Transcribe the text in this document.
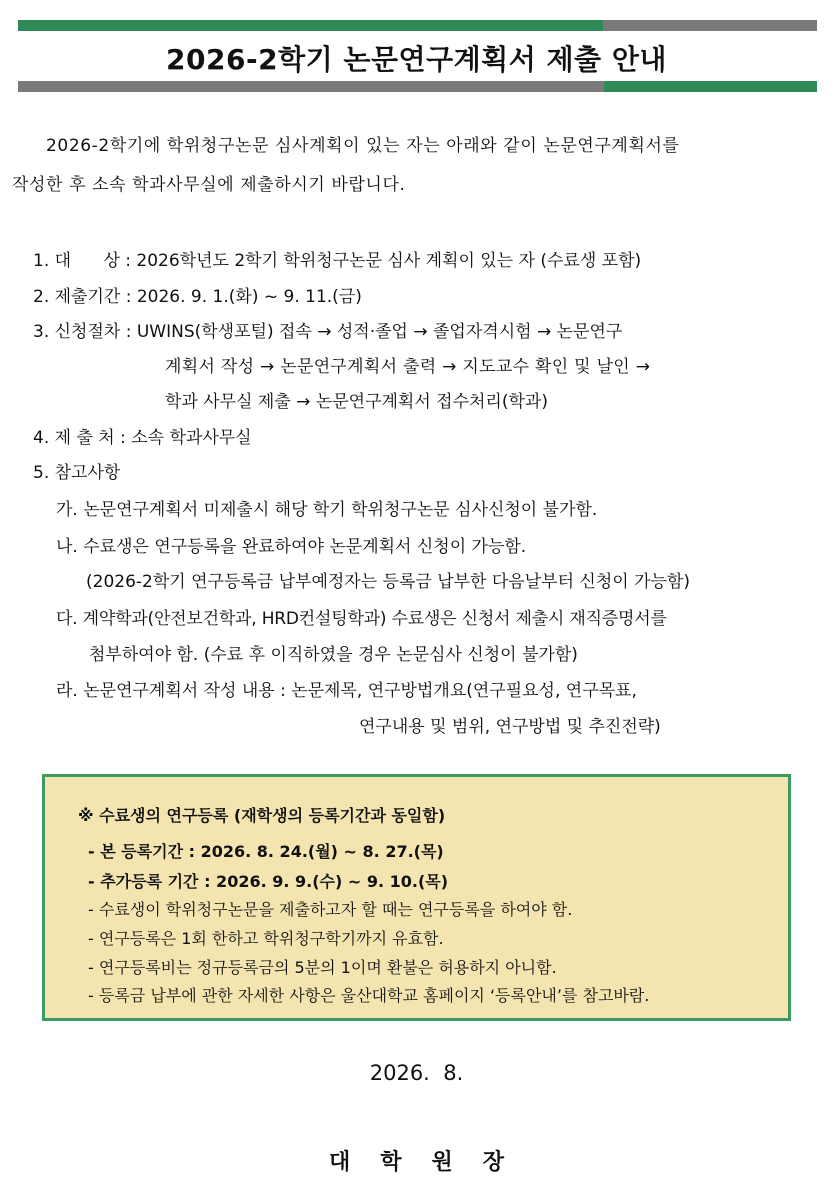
2026-2학기 논문연구계획서 제출 안내
2026-2학기에 학위청구논문 심사계획이 있는 자는 아래와 같이 논문연구계획서를
작성한 후 소속 학과사무실에 제출하시기 바랍니다.
1. 대      상 : 2026학년도 2학기 학위청구논문 심사 계획이 있는 자 (수료생 포함)
2. 제출기간 : 2026. 9. 1.(화) ~ 9. 11.(금)
3. 신청절차 : UWINS(학생포털) 접속 → 성적·졸업 → 졸업자격시험 → 논문연구
계획서 작성 → 논문연구계획서 출력 → 지도교수 확인 및 날인 →
학과 사무실 제출 → 논문연구계획서 접수처리(학과)
4. 제 출 처 : 소속 학과사무실
5. 참고사항
가. 논문연구계획서 미제출시 해당 학기 학위청구논문 심사신청이 불가함.
나. 수료생은 연구등록을 완료하여야 논문계획서 신청이 가능함.
(2026-2학기 연구등록금 납부예정자는 등록금 납부한 다음날부터 신청이 가능함)
다. 계약학과(안전보건학과, HRD컨설팅학과) 수료생은 신청서 제출시 재직증명서를
첨부하여야 함. (수료 후 이직하였을 경우 논문심사 신청이 불가함)
라. 논문연구계획서 작성 내용 : 논문제목, 연구방법개요(연구필요성, 연구목표,
연구내용 및 범위, 연구방법 및 추진전략)
※ 수료생의 연구등록 (재학생의 등록기간과 동일함)
- 본 등록기간 : 2026. 8. 24.(월) ~ 8. 27.(목)
- 추가등록 기간 : 2026. 9. 9.(수) ~ 9. 10.(목)
- 수료생이 학위청구논문을 제출하고자 할 때는 연구등록을 하여야 함.
- 연구등록은 1회 한하고 학위청구학기까지 유효함.
- 연구등록비는 정규등록금의 5분의 1이며 환불은 허용하지 아니함.
- 등록금 납부에 관한 자세한 사항은 울산대학교 홈페이지 ‘등록안내’를 참고바람.
2026.  8.
대학원장
